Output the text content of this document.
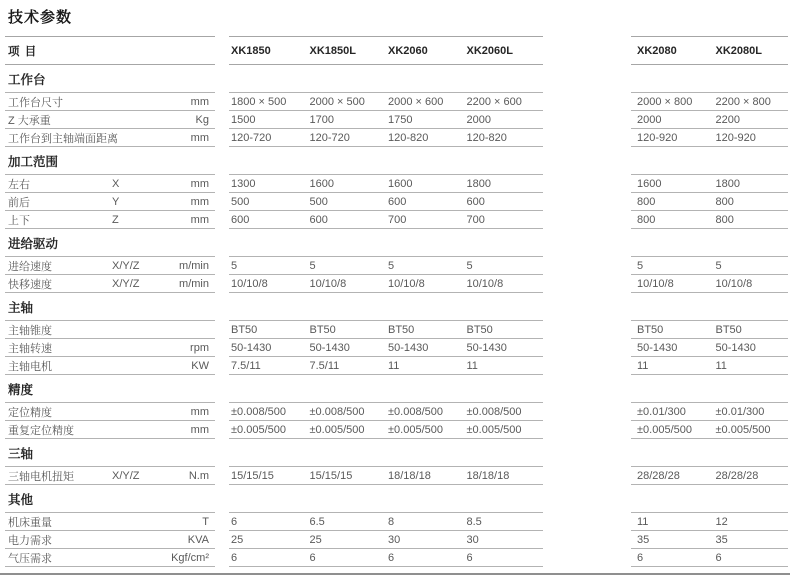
技术参数
项 目	XK1850	XK1850L	XK2060	XK2060L	XK2080	XK2080L
工作台
工作台尺寸	mm 1800 × 500	2000 × 500	2000 × 600	2200 × 600	2000 × 800	2200 × 800
Z 大承重	Kg 1500	1700	1750	2000	2000	2200
工作台到主轴端面距离	mm 120-720	120-720	120-820	120-820	120-920	120-920
加工范围
左右	X	mm 1300	1600	1600	1800	1600	1800
前后	Y	mm 500	500	600	600	800	800
上下	Z	mm 600	600	700	700	800	800
进给驱动
进给速度	X/Y/Z	m/min 5	5	5	5	5	5
快移速度	X/Y/Z	m/min 10/10/8	10/10/8	10/10/8	10/10/8	10/10/8	10/10/8
主轴
主轴锥度	BT50	BT50	BT50	BT50	BT50	BT50
主轴转速	rpm 50-1430	50-1430	50-1430	50-1430	50-1430	50-1430
主轴电机	KW 7.5/11	7.5/11	11	11	11	11
精度
定位精度	mm ±0.008/500	±0.008/500	±0.008/500	±0.008/500	±0.01/300	±0.01/300
重复定位精度	mm ±0.005/500	±0.005/500	±0.005/500	±0.005/500	±0.005/500	±0.005/500
三轴
三轴电机扭矩	X/Y/Z	N.m 15/15/15	15/15/15	18/18/18	18/18/18	28/28/28	28/28/28
其他
机床重量	T 6	6.5	8	8.5	11	12
电力需求	KVA 25	25	30	30	35	35
气压需求	Kgf/cm² 6	6	6	6	6	6
